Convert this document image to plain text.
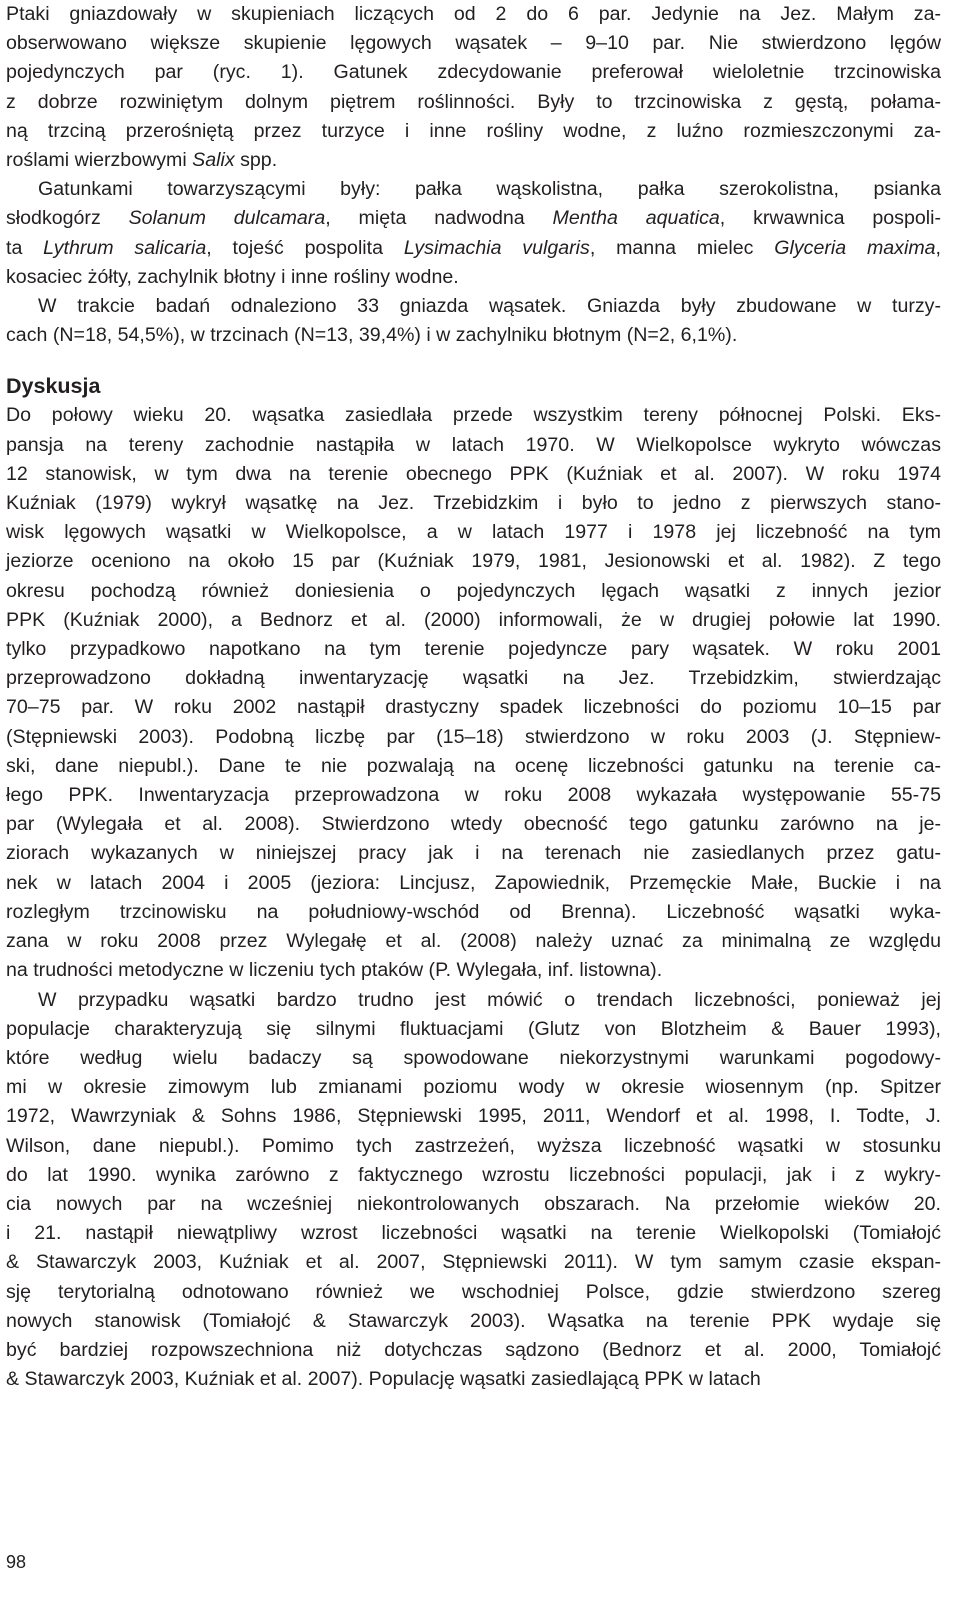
Ptaki gniazdowały w skupieniach liczących od 2 do 6 par. Jedynie na Jez. Małym za-
obserwowano większe skupienie lęgowych wąsatek – 9–10 par. Nie stwierdzono lęgów
pojedynczych par (ryc. 1). Gatunek zdecydowanie preferował wieloletnie trzcinowiska
z dobrze rozwiniętym dolnym piętrem roślinności. Były to trzcinowiska z gęstą, połama-
ną trzciną przerośniętą przez turzyce i inne rośliny wodne, z luźno rozmieszczonymi za-
roślami wierzbowymi Salix spp.
Gatunkami towarzyszącymi były: pałka wąskolistna, pałka szerokolistna, psianka
słodkogórz Solanum dulcamara, mięta nadwodna Mentha aquatica, krwawnica pospoli-
ta Lythrum salicaria, tojeść pospolita Lysimachia vulgaris, manna mielec Glyceria maxima,
kosaciec żółty, zachylnik błotny i inne rośliny wodne.
W trakcie badań odnaleziono 33 gniazda wąsatek. Gniazda były zbudowane w turzy-
cach (N=18, 54,5%), w trzcinach (N=13, 39,4%) i w zachylniku błotnym (N=2, 6,1%).
Dyskusja
Do połowy wieku 20. wąsatka zasiedlała przede wszystkim tereny północnej Polski. Eks-
pansja na tereny zachodnie nastąpiła w latach 1970. W Wielkopolsce wykryto wówczas
12 stanowisk, w tym dwa na terenie obecnego PPK (Kuźniak et al. 2007). W roku 1974
Kuźniak (1979) wykrył wąsatkę na Jez. Trzebidzkim i było to jedno z pierwszych stano-
wisk lęgowych wąsatki w Wielkopolsce, a w latach 1977 i 1978 jej liczebność na tym
jeziorze oceniono na około 15 par (Kuźniak 1979, 1981, Jesionowski et al. 1982). Z tego
okresu pochodzą również doniesienia o pojedynczych lęgach wąsatki z innych jezior
PPK (Kuźniak 2000), a Bednorz et al. (2000) informowali, że w drugiej połowie lat 1990.
tylko przypadkowo napotkano na tym terenie pojedyncze pary wąsatek. W roku 2001
przeprowadzono dokładną inwentaryzację wąsatki na Jez. Trzebidzkim, stwierdzając
70–75 par. W roku 2002 nastąpił drastyczny spadek liczebności do poziomu 10–15 par
(Stępniewski 2003). Podobną liczbę par (15–18) stwierdzono w roku 2003 (J. Stępniew-
ski, dane niepubl.). Dane te nie pozwalają na ocenę liczebności gatunku na terenie ca-
łego PPK. Inwentaryzacja przeprowadzona w roku 2008 wykazała występowanie 55-75
par (Wylegała et al. 2008). Stwierdzono wtedy obecność tego gatunku zarówno na je-
ziorach wykazanych w niniejszej pracy jak i na terenach nie zasiedlanych przez gatu-
nek w latach 2004 i 2005 (jeziora: Lincjusz, Zapowiednik, Przemęckie Małe, Buckie i na
rozległym trzcinowisku na południowy-wschód od Brenna). Liczebność wąsatki wyka-
zana w roku 2008 przez Wylegałę et al. (2008) należy uznać za minimalną ze względu
na trudności metodyczne w liczeniu tych ptaków (P. Wylegała, inf. listowna).
W przypadku wąsatki bardzo trudno jest mówić o trendach liczebności, ponieważ jej
populacje charakteryzują się silnymi fluktuacjami (Glutz von Blotzheim & Bauer 1993),
które według wielu badaczy są spowodowane niekorzystnymi warunkami pogodowy-
mi w okresie zimowym lub zmianami poziomu wody w okresie wiosennym (np. Spitzer
1972, Wawrzyniak & Sohns 1986, Stępniewski 1995, 2011, Wendorf et al. 1998, I. Todte, J.
Wilson, dane niepubl.). Pomimo tych zastrzeżeń, wyższa liczebność wąsatki w stosunku
do lat 1990. wynika zarówno z faktycznego wzrostu liczebności populacji, jak i z wykry-
cia nowych par na wcześniej niekontrolowanych obszarach. Na przełomie wieków 20.
i 21. nastąpił niewątpliwy wzrost liczebności wąsatki na terenie Wielkopolski (Tomiałojć
& Stawarczyk 2003, Kuźniak et al. 2007, Stępniewski 2011). W tym samym czasie ekspan-
sję terytorialną odnotowano również we wschodniej Polsce, gdzie stwierdzono szereg
nowych stanowisk (Tomiałojć & Stawarczyk 2003). Wąsatka na terenie PPK wydaje się
być bardziej rozpowszechniona niż dotychczas sądzono (Bednorz et al. 2000, Tomiałojć
& Stawarczyk 2003, Kuźniak et al. 2007). Populację wąsatki zasiedlającą PPK w latach
98
